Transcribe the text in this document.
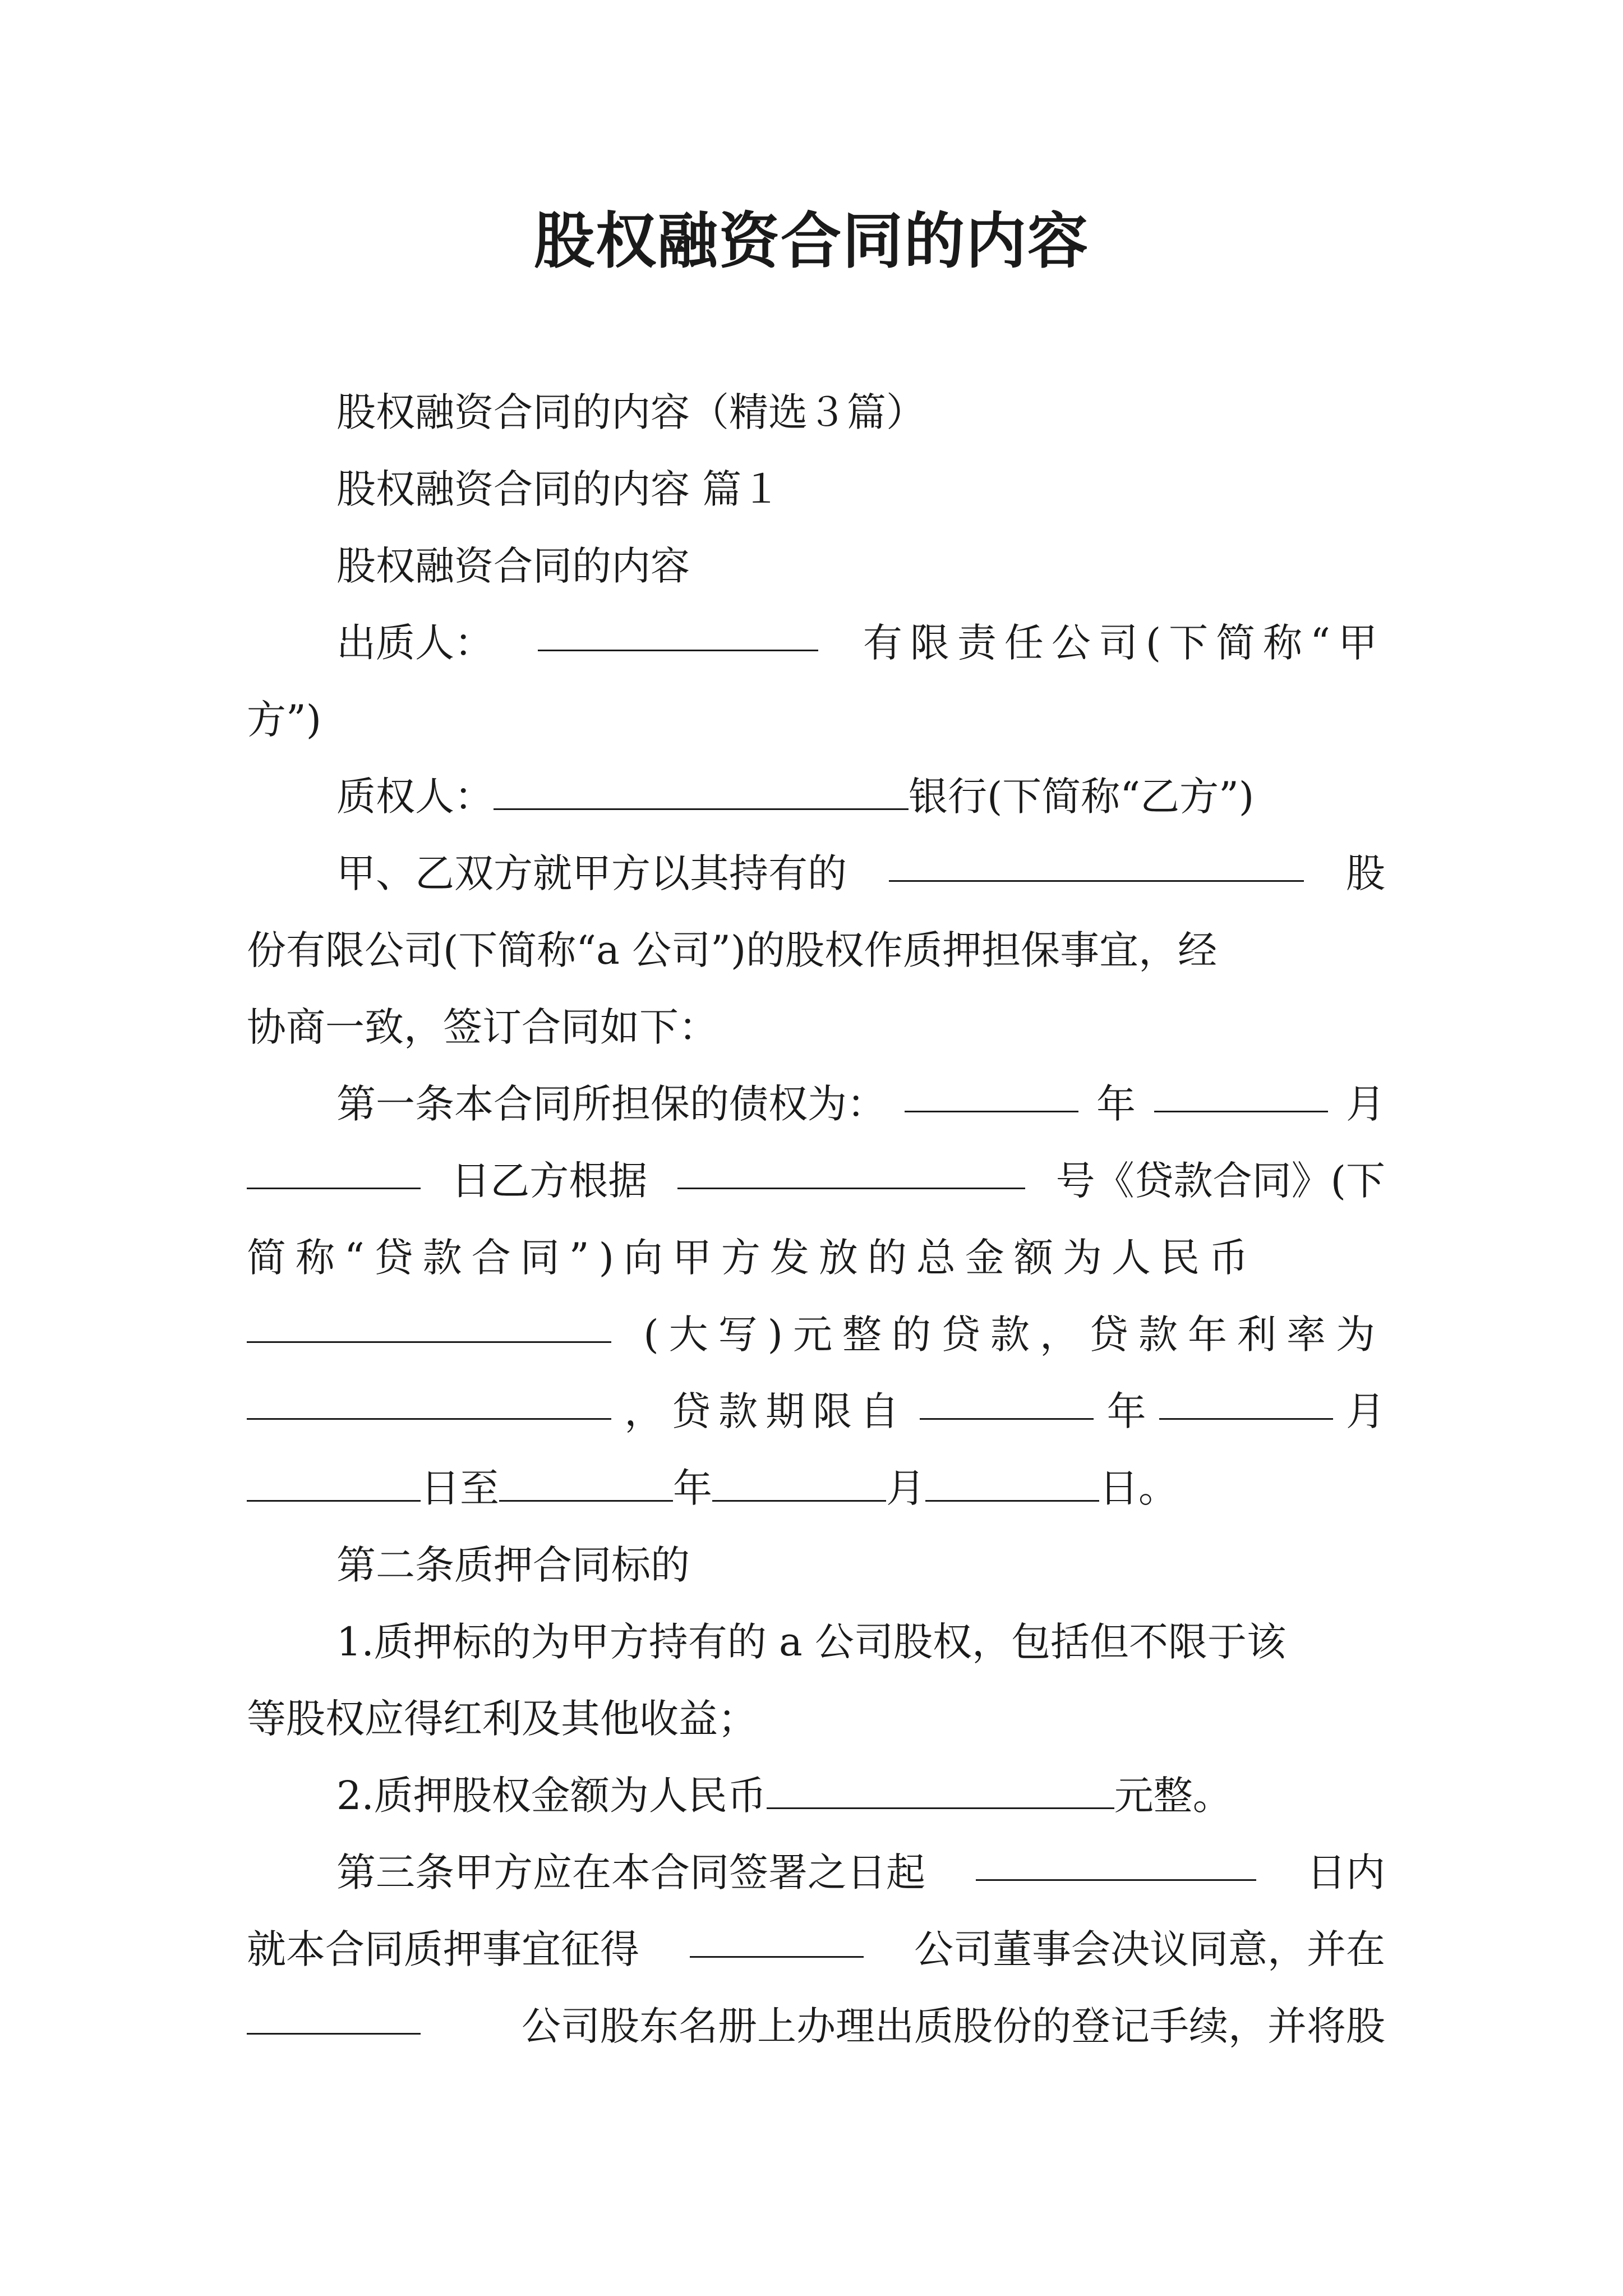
股权融资合同的内容
股权融资合同的内容（精选３篇）
股权融资合同的内容 篇１
股权融资合同的内容
出质人：	有限责任公司(下简称“甲
方”)
质权人：	银行(下简称“乙方”)
甲、乙双方就甲方以其持有的	股
份有限公司(下简称“a 公司”)的股权作质押担保事宜，经
协商一致，签订合同如下：
第一条本合同所担保的债权为：	年	月
日乙方根据	号《贷款合同》(下
简称“贷款合同”)向甲方发放的总金额为人民币
(大写)元整的贷款，贷款年利率为
，贷款期限自	年	月
日至	年	月	日。
第二条质押合同标的
1.质押标的为甲方持有的 a 公司股权，包括但不限于该
等股权应得红利及其他收益；
2.质押股权金额为人民币	元整。
第三条甲方应在本合同签署之日起	日内
就本合同质押事宜征得	公司董事会决议同意，并在
公司股东名册上办理出质股份的登记手续，并将股
